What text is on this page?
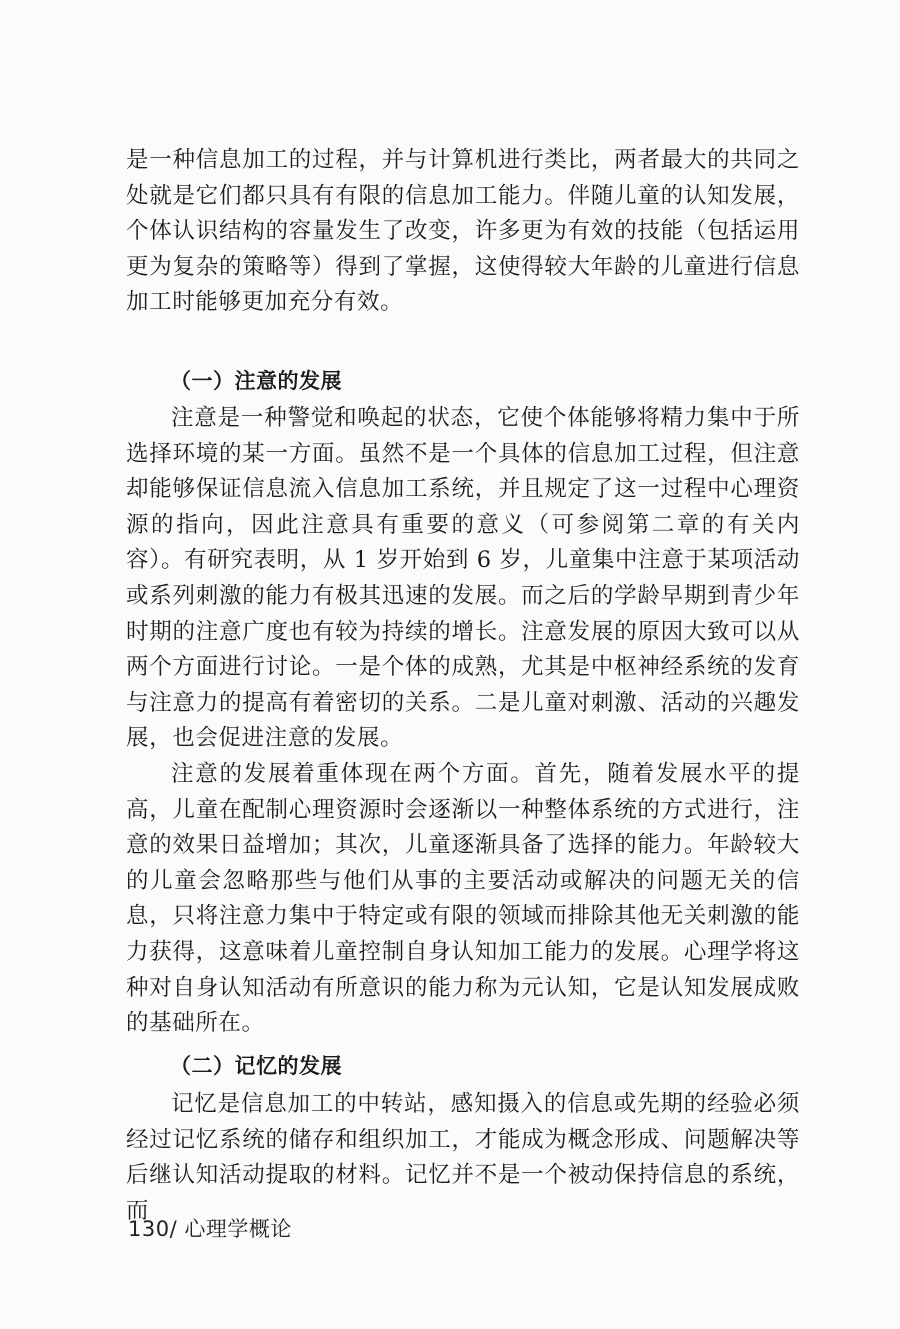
是一种信息加工的过程，并与计算机进行类比，两者最大的共同之处就是它们都只具有有限的信息加工能力。伴随儿童的认知发展，个体认识结构的容量发生了改变，许多更为有效的技能（包括运用更为复杂的策略等）得到了掌握，这使得较大年龄的儿童进行信息加工时能够更加充分有效。

（一）注意的发展

注意是一种警觉和唤起的状态，它使个体能够将精力集中于所选择环境的某一方面。虽然不是一个具体的信息加工过程，但注意却能够保证信息流入信息加工系统，并且规定了这一过程中心理资源的指向，因此注意具有重要的意义（可参阅第二章的有关内容）。有研究表明，从 1 岁开始到 6 岁，儿童集中注意于某项活动或系列刺激的能力有极其迅速的发展。而之后的学龄早期到青少年时期的注意广度也有较为持续的增长。注意发展的原因大致可以从两个方面进行讨论。一是个体的成熟，尤其是中枢神经系统的发育与注意力的提高有着密切的关系。二是儿童对刺激、活动的兴趣发展，也会促进注意的发展。

注意的发展着重体现在两个方面。首先，随着发展水平的提高，儿童在配制心理资源时会逐渐以一种整体系统的方式进行，注意的效果日益增加；其次，儿童逐渐具备了选择的能力。年龄较大的儿童会忽略那些与他们从事的主要活动或解决的问题无关的信息，只将注意力集中于特定或有限的领域而排除其他无关刺激的能力获得，这意味着儿童控制自身认知加工能力的发展。心理学将这种对自身认知活动有所意识的能力称为元认知，它是认知发展成败的基础所在。

（二）记忆的发展

记忆是信息加工的中转站，感知摄入的信息或先期的经验必须经过记忆系统的储存和组织加工，才能成为概念形成、问题解决等后继认知活动提取的材料。记忆并不是一个被动保持信息的系统，而

130/ 心理学概论
